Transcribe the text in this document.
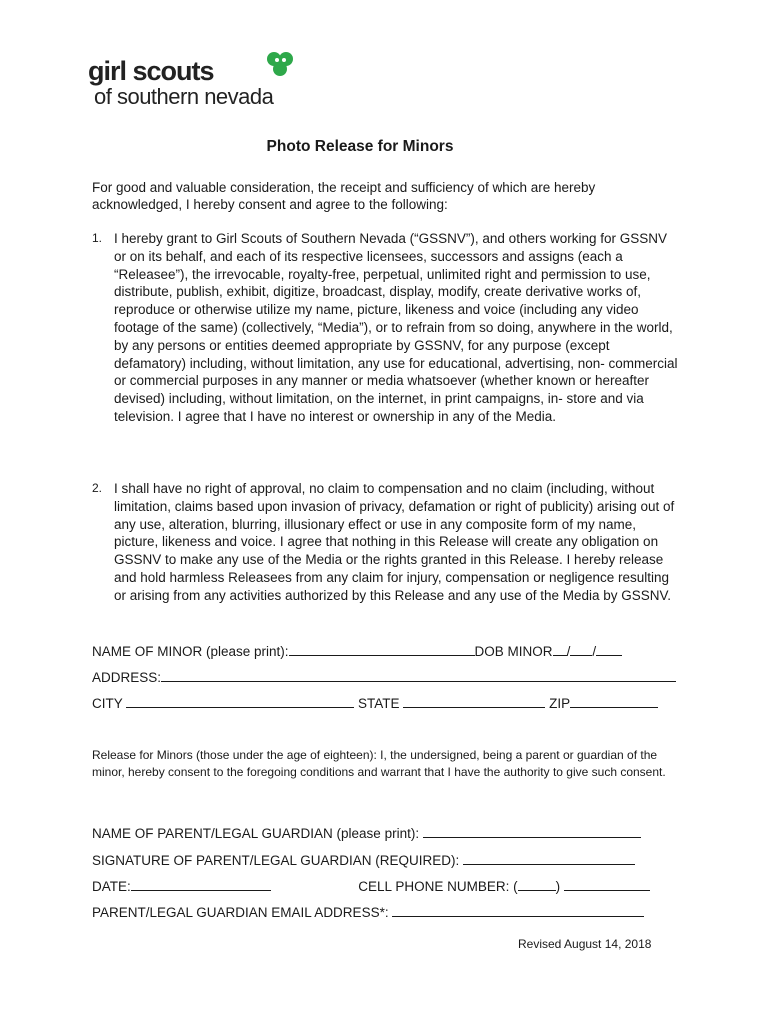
girl scouts
of southern nevada
Photo Release for Minors
For good and valuable consideration, the receipt and sufficiency of which are hereby acknowledged, I hereby consent and agree to the following:
1. I hereby grant to Girl Scouts of Southern Nevada (“GSSNV”), and others working for GSSNV or on its behalf, and each of its respective licensees, successors and assigns (each a “Releasee”), the irrevocable, royalty-free, perpetual, unlimited right and permission to use, distribute, publish, exhibit, digitize, broadcast, display, modify, create derivative works of, reproduce or otherwise utilize my name, picture, likeness and voice (including any video footage of the same) (collectively, “Media”), or to refrain from so doing, anywhere in the world, by any persons or entities deemed appropriate by GSSNV, for any purpose (except defamatory) including, without limitation, any use for educational, advertising, non- commercial or commercial purposes in any manner or media whatsoever (whether known or hereafter devised) including, without limitation, on the internet, in print campaigns, in- store and via television. I agree that I have no interest or ownership in any of the Media.
2. I shall have no right of approval, no claim to compensation and no claim (including, without limitation, claims based upon invasion of privacy, defamation or right of publicity) arising out of any use, alteration, blurring, illusionary effect or use in any composite form of my name, picture, likeness and voice. I agree that nothing in this Release will create any obligation on GSSNV to make any use of the Media or the rights granted in this Release. I hereby release and hold harmless Releasees from any claim for injury, compensation or negligence resulting or arising from any activities authorized by this Release and any use of the Media by GSSNV.
NAME OF MINOR (please print):	DOB MINOR / /
ADDRESS:
CITY	STATE	ZIP
Release for Minors (those under the age of eighteen): I, the undersigned, being a parent or guardian of the minor, hereby consent to the foregoing conditions and warrant that I have the authority to give such consent.
NAME OF PARENT/LEGAL GUARDIAN (please print):
SIGNATURE OF PARENT/LEGAL GUARDIAN (REQUIRED):
DATE:	CELL PHONE NUMBER: (	)
PARENT/LEGAL GUARDIAN EMAIL ADDRESS*:
Revised August 14, 2018
